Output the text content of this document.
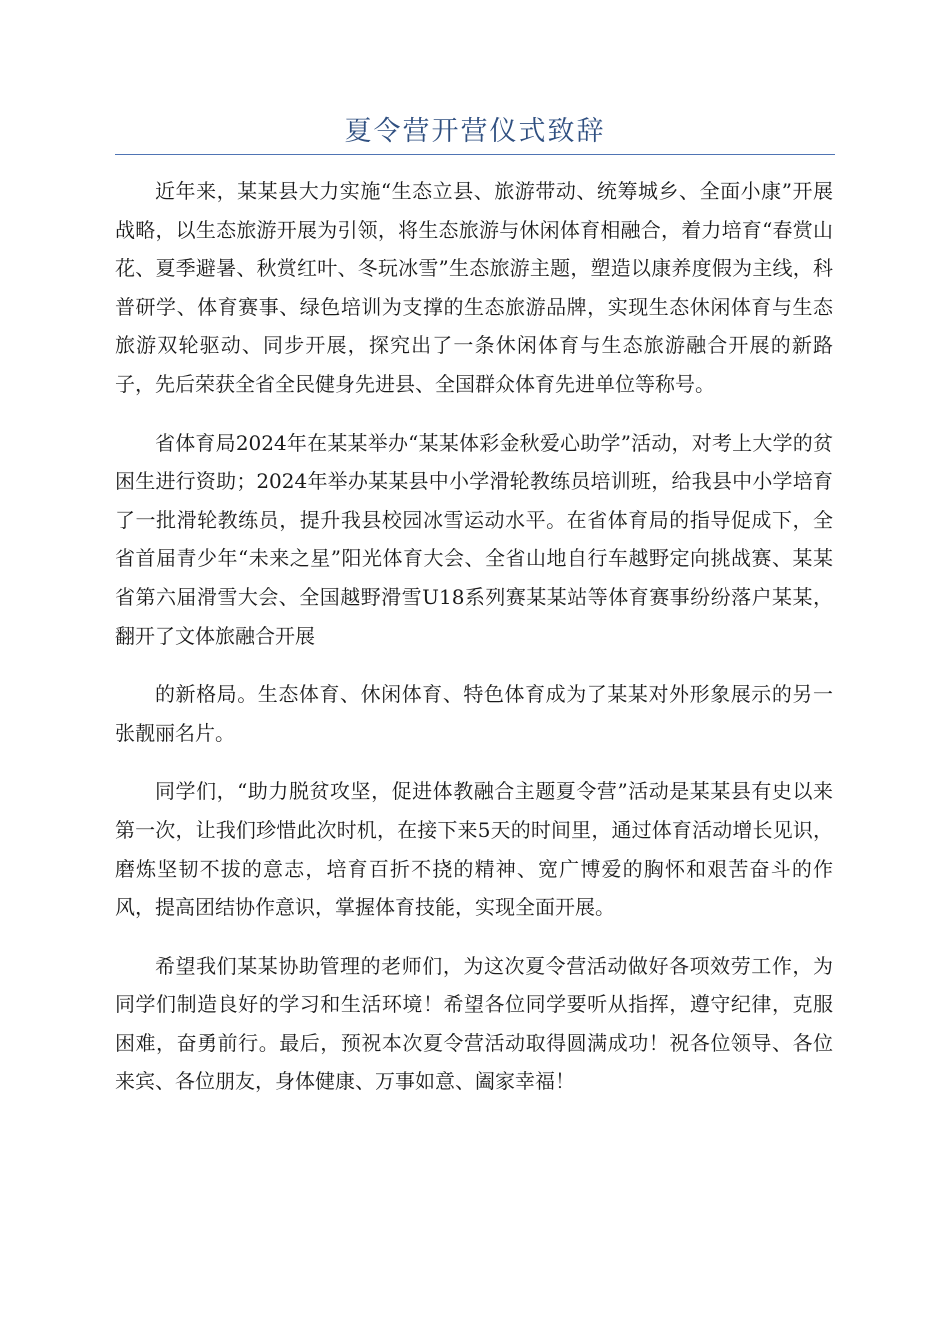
夏令营开营仪式致辞

近年来，某某县大力实施“生态立县、旅游带动、统筹城乡、全面小康”开展战略，以生态旅游开展为引领，将生态旅游与休闲体育相融合，着力培育“春赏山花、夏季避暑、秋赏红叶、冬玩冰雪”生态旅游主题，塑造以康养度假为主线，科普研学、体育赛事、绿色培训为支撑的生态旅游品牌，实现生态休闲体育与生态旅游双轮驱动、同步开展，探究出了一条休闲体育与生态旅游融合开展的新路子，先后荣获全省全民健身先进县、全国群众体育先进单位等称号。

省体育局2024年在某某举办“某某体彩金秋爱心助学”活动，对考上大学的贫困生进行资助；2024年举办某某县中小学滑轮教练员培训班，给我县中小学培育了一批滑轮教练员，提升我县校园冰雪运动水平。在省体育局的指导促成下，全省首届青少年“未来之星”阳光体育大会、全省山地自行车越野定向挑战赛、某某省第六届滑雪大会、全国越野滑雪U18系列赛某某站等体育赛事纷纷落户某某，翻开了文体旅融合开展

的新格局。生态体育、休闲体育、特色体育成为了某某对外形象展示的另一张靓丽名片。

同学们，“助力脱贫攻坚，促进体教融合主题夏令营”活动是某某县有史以来第一次，让我们珍惜此次时机，在接下来5天的时间里，通过体育活动增长见识，磨炼坚韧不拔的意志，培育百折不挠的精神、宽广博爱的胸怀和艰苦奋斗的作风，提高团结协作意识，掌握体育技能，实现全面开展。

希望我们某某协助管理的老师们，为这次夏令营活动做好各项效劳工作，为同学们制造良好的学习和生活环境！希望各位同学要听从指挥，遵守纪律，克服困难，奋勇前行。最后，预祝本次夏令营活动取得圆满成功！祝各位领导、各位来宾、各位朋友，身体健康、万事如意、阖家幸福！
